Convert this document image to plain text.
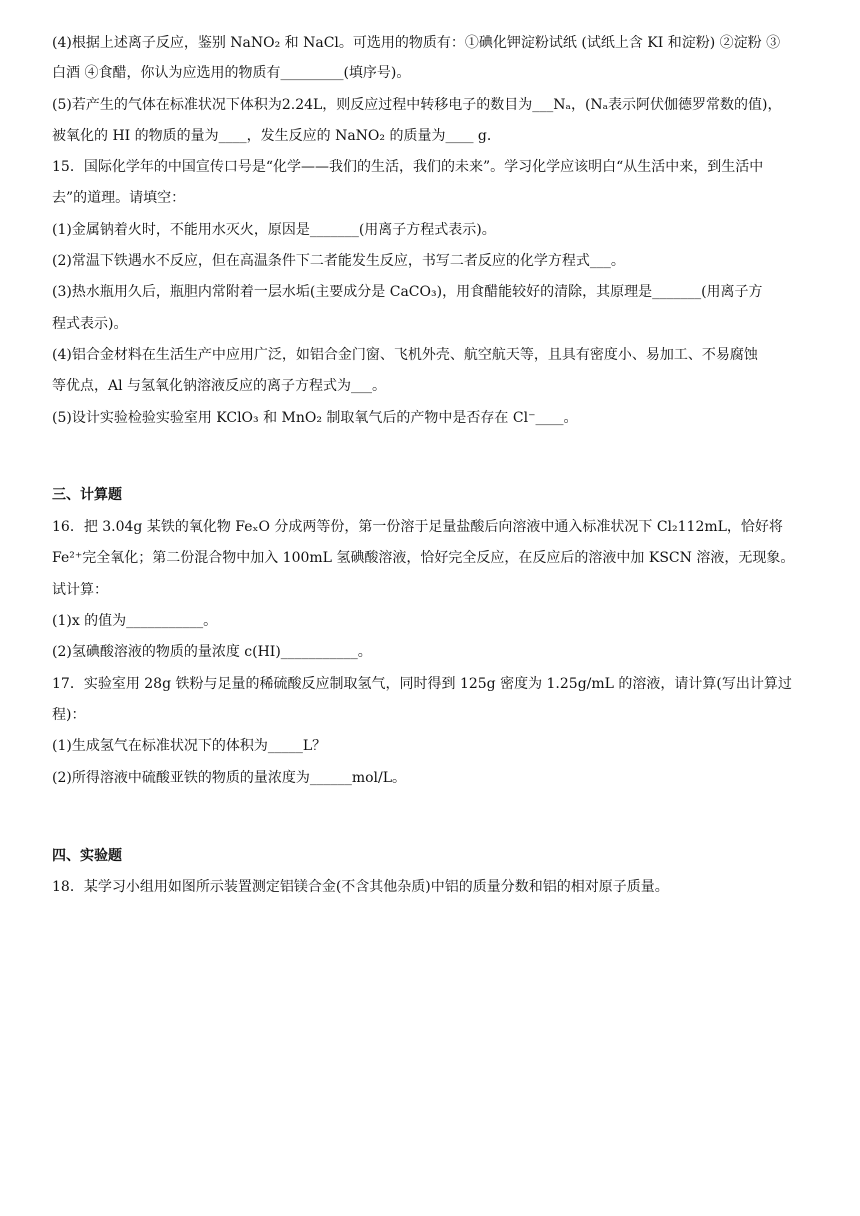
(4)根据上述离子反应，鉴别 NaNO₂ 和 NaCl。可选用的物质有：①碘化钾淀粉试纸 (试纸上含 KI 和淀粉) ②淀粉 ③
白酒 ④食醋，你认为应选用的物质有_________(填序号)。
(5)若产生的气体在标准状况下体积为2.24L，则反应过程中转移电子的数目为___Nₐ，(Nₐ表示阿伏伽德罗常数的值)，
被氧化的 HI 的物质的量为____，发生反应的 NaNO₂ 的质量为____ g．
15．国际化学年的中国宣传口号是“化学——我们的生活，我们的未来”。学习化学应该明白“从生活中来，到生活中
去”的道理。请填空：
(1)金属钠着火时，不能用水灭火，原因是_______(用离子方程式表示)。
(2)常温下铁遇水不反应，但在高温条件下二者能发生反应，书写二者反应的化学方程式___。
(3)热水瓶用久后，瓶胆内常附着一层水垢(主要成分是 CaCO₃)，用食醋能较好的清除，其原理是_______(用离子方
程式表示)。
(4)铝合金材料在生活生产中应用广泛，如铝合金门窗、飞机外壳、航空航天等，且具有密度小、易加工、不易腐蚀
等优点，Al 与氢氧化钠溶液反应的离子方程式为___。
(5)设计实验检验实验室用 KClO₃ 和 MnO₂ 制取氧气后的产物中是否存在 Cl⁻____。
三、计算题
16．把 3.04g 某铁的氧化物 FeₓO 分成两等份，第一份溶于足量盐酸后向溶液中通入标准状况下 Cl₂112mL，恰好将
Fe²⁺完全氧化；第二份混合物中加入 100mL 氢碘酸溶液，恰好完全反应，在反应后的溶液中加 KSCN 溶液，无现象。
试计算：
(1)x 的值为___________。
(2)氢碘酸溶液的物质的量浓度 c(HI)___________。
17．实验室用 28g 铁粉与足量的稀硫酸反应制取氢气，同时得到 125g 密度为 1.25g/mL 的溶液，请计算(写出计算过
程)：
(1)生成氢气在标准状况下的体积为_____L？
(2)所得溶液中硫酸亚铁的物质的量浓度为______mol/L。
四、实验题
18．某学习小组用如图所示装置测定铝镁合金(不含其他杂质)中铝的质量分数和铝的相对原子质量。
